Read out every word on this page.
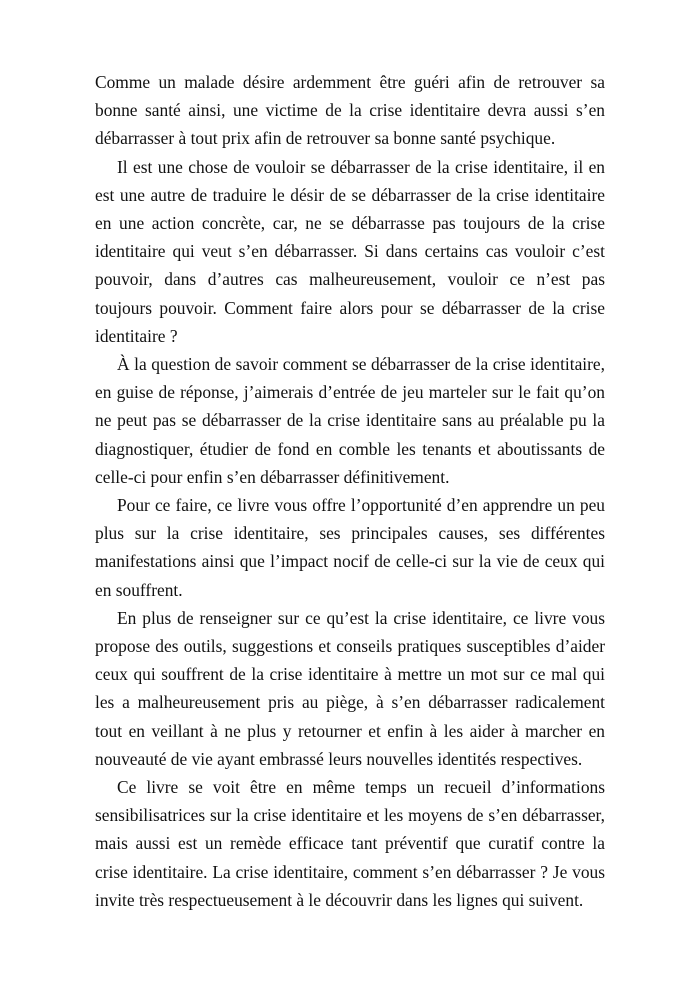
Comme un malade désire ardemment être guéri afin de retrouver sa bonne santé ainsi, une victime de la crise identitaire devra aussi s’en débarrasser à tout prix afin de retrouver sa bonne santé psychique.

Il est une chose de vouloir se débarrasser de la crise identitaire, il en est une autre de traduire le désir de se débarrasser de la crise identitaire en une action concrète, car, ne se débarrasse pas toujours de la crise identitaire qui veut s’en débarrasser. Si dans certains cas vouloir c’est pouvoir, dans d’autres cas malheureusement, vouloir ce n’est pas toujours pouvoir. Comment faire alors pour se débarrasser de la crise identitaire ?

À la question de savoir comment se débarrasser de la crise identitaire, en guise de réponse, j’aimerais d’entrée de jeu marteler sur le fait qu’on ne peut pas se débarrasser de la crise identitaire sans au préalable pu la diagnostiquer, étudier de fond en comble les tenants et aboutissants de celle-ci pour enfin s’en débarrasser définitivement.

Pour ce faire, ce livre vous offre l’opportunité d’en apprendre un peu plus sur la crise identitaire, ses principales causes, ses différentes manifestations ainsi que l’impact nocif de celle-ci sur la vie de ceux qui en souffrent.

En plus de renseigner sur ce qu’est la crise identitaire, ce livre vous propose des outils, suggestions et conseils pratiques susceptibles d’aider ceux qui souffrent de la crise identitaire à mettre un mot sur ce mal qui les a malheureusement pris au piège, à s’en débarrasser radicalement tout en veillant à ne plus y retourner et enfin à les aider à marcher en nouveauté de vie ayant embrassé leurs nouvelles identités respectives.

Ce livre se voit être en même temps un recueil d’informations sensibilisatrices sur la crise identitaire et les moyens de s’en débarrasser, mais aussi est un remède efficace tant préventif que curatif contre la crise identitaire. La crise identitaire, comment s’en débarrasser ? Je vous invite très respectueusement à le découvrir dans les lignes qui suivent.
